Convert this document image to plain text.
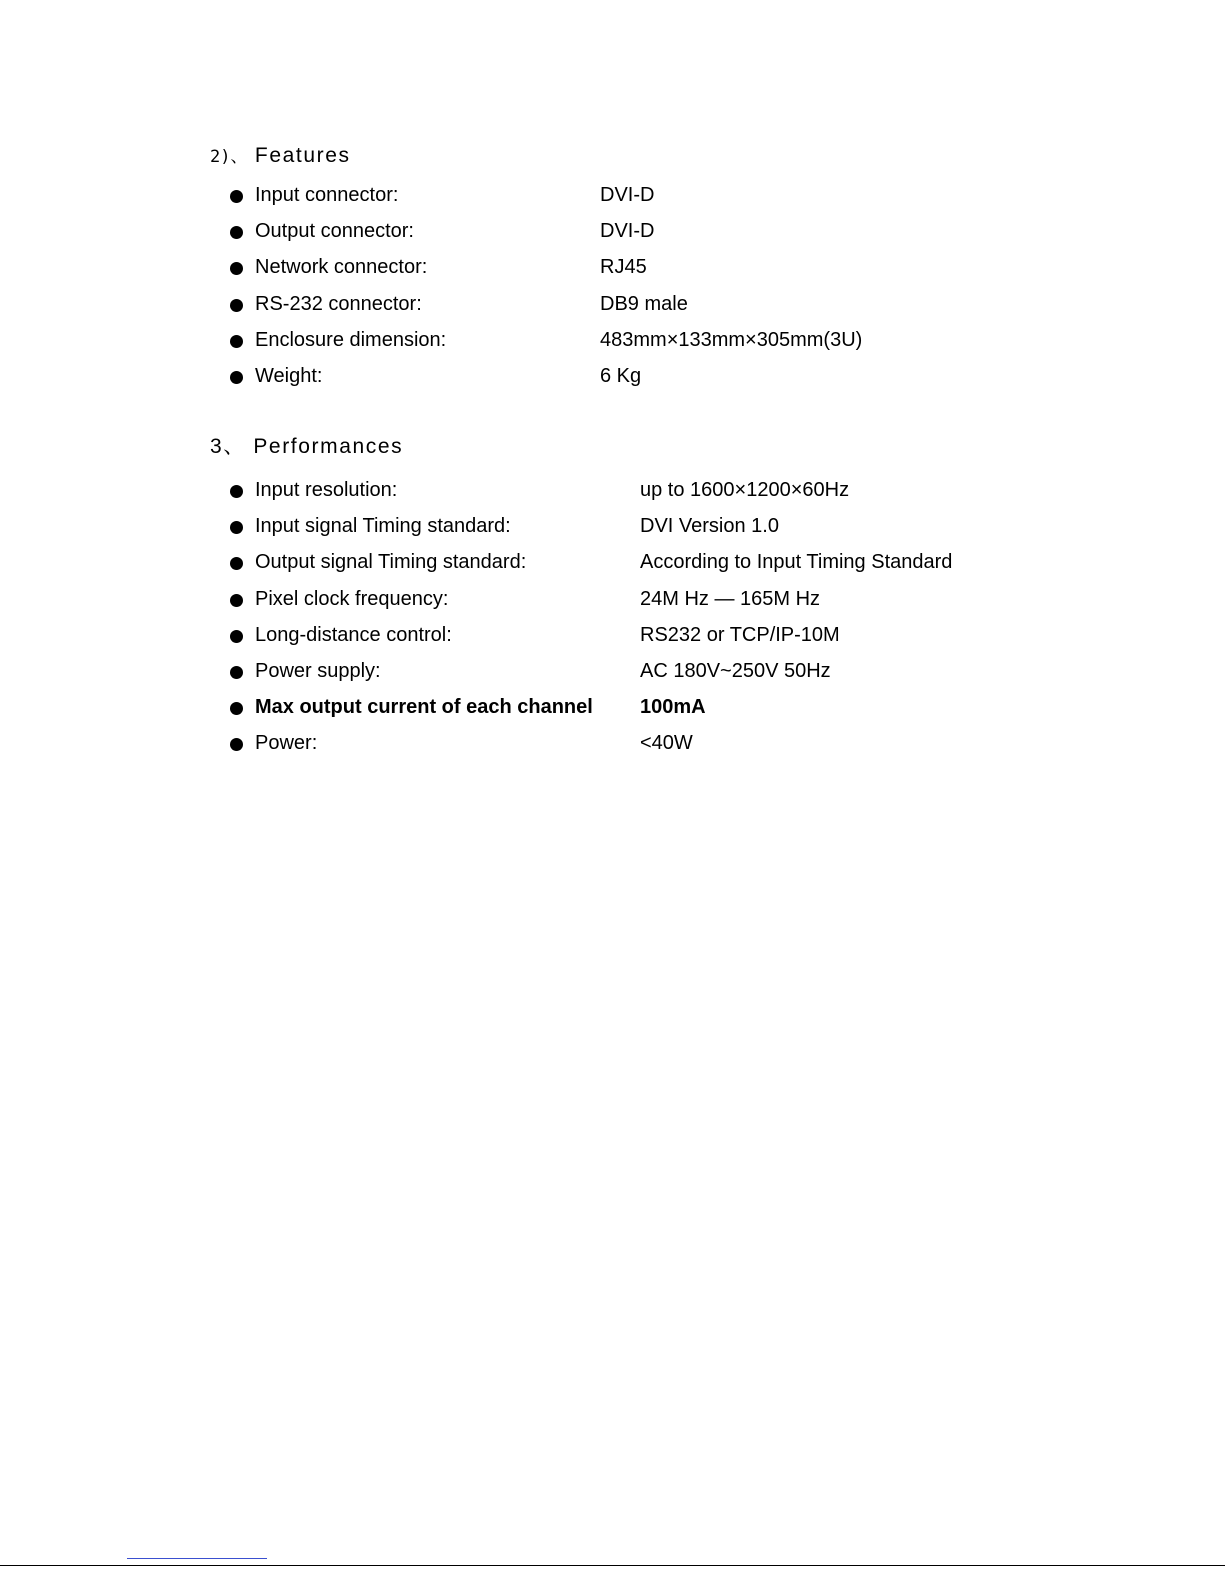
2)、 Features
Input connector:	DVI-D
Output connector:	DVI-D
Network connector:	RJ45
RS-232 connector:	DB9 male
Enclosure dimension:	483mm×133mm×305mm(3U)
Weight:	6 Kg
3、 Performances
Input resolution:	up to 1600×1200×60Hz
Input signal Timing standard:	DVI Version 1.0
Output signal Timing standard:	According to Input Timing Standard
Pixel clock frequency:	24M Hz — 165M Hz
Long-distance control:	RS232 or TCP/IP-10M
Power supply:	AC 180V~250V 50Hz
Max output current of each channel 100mA
Power:	<40W
